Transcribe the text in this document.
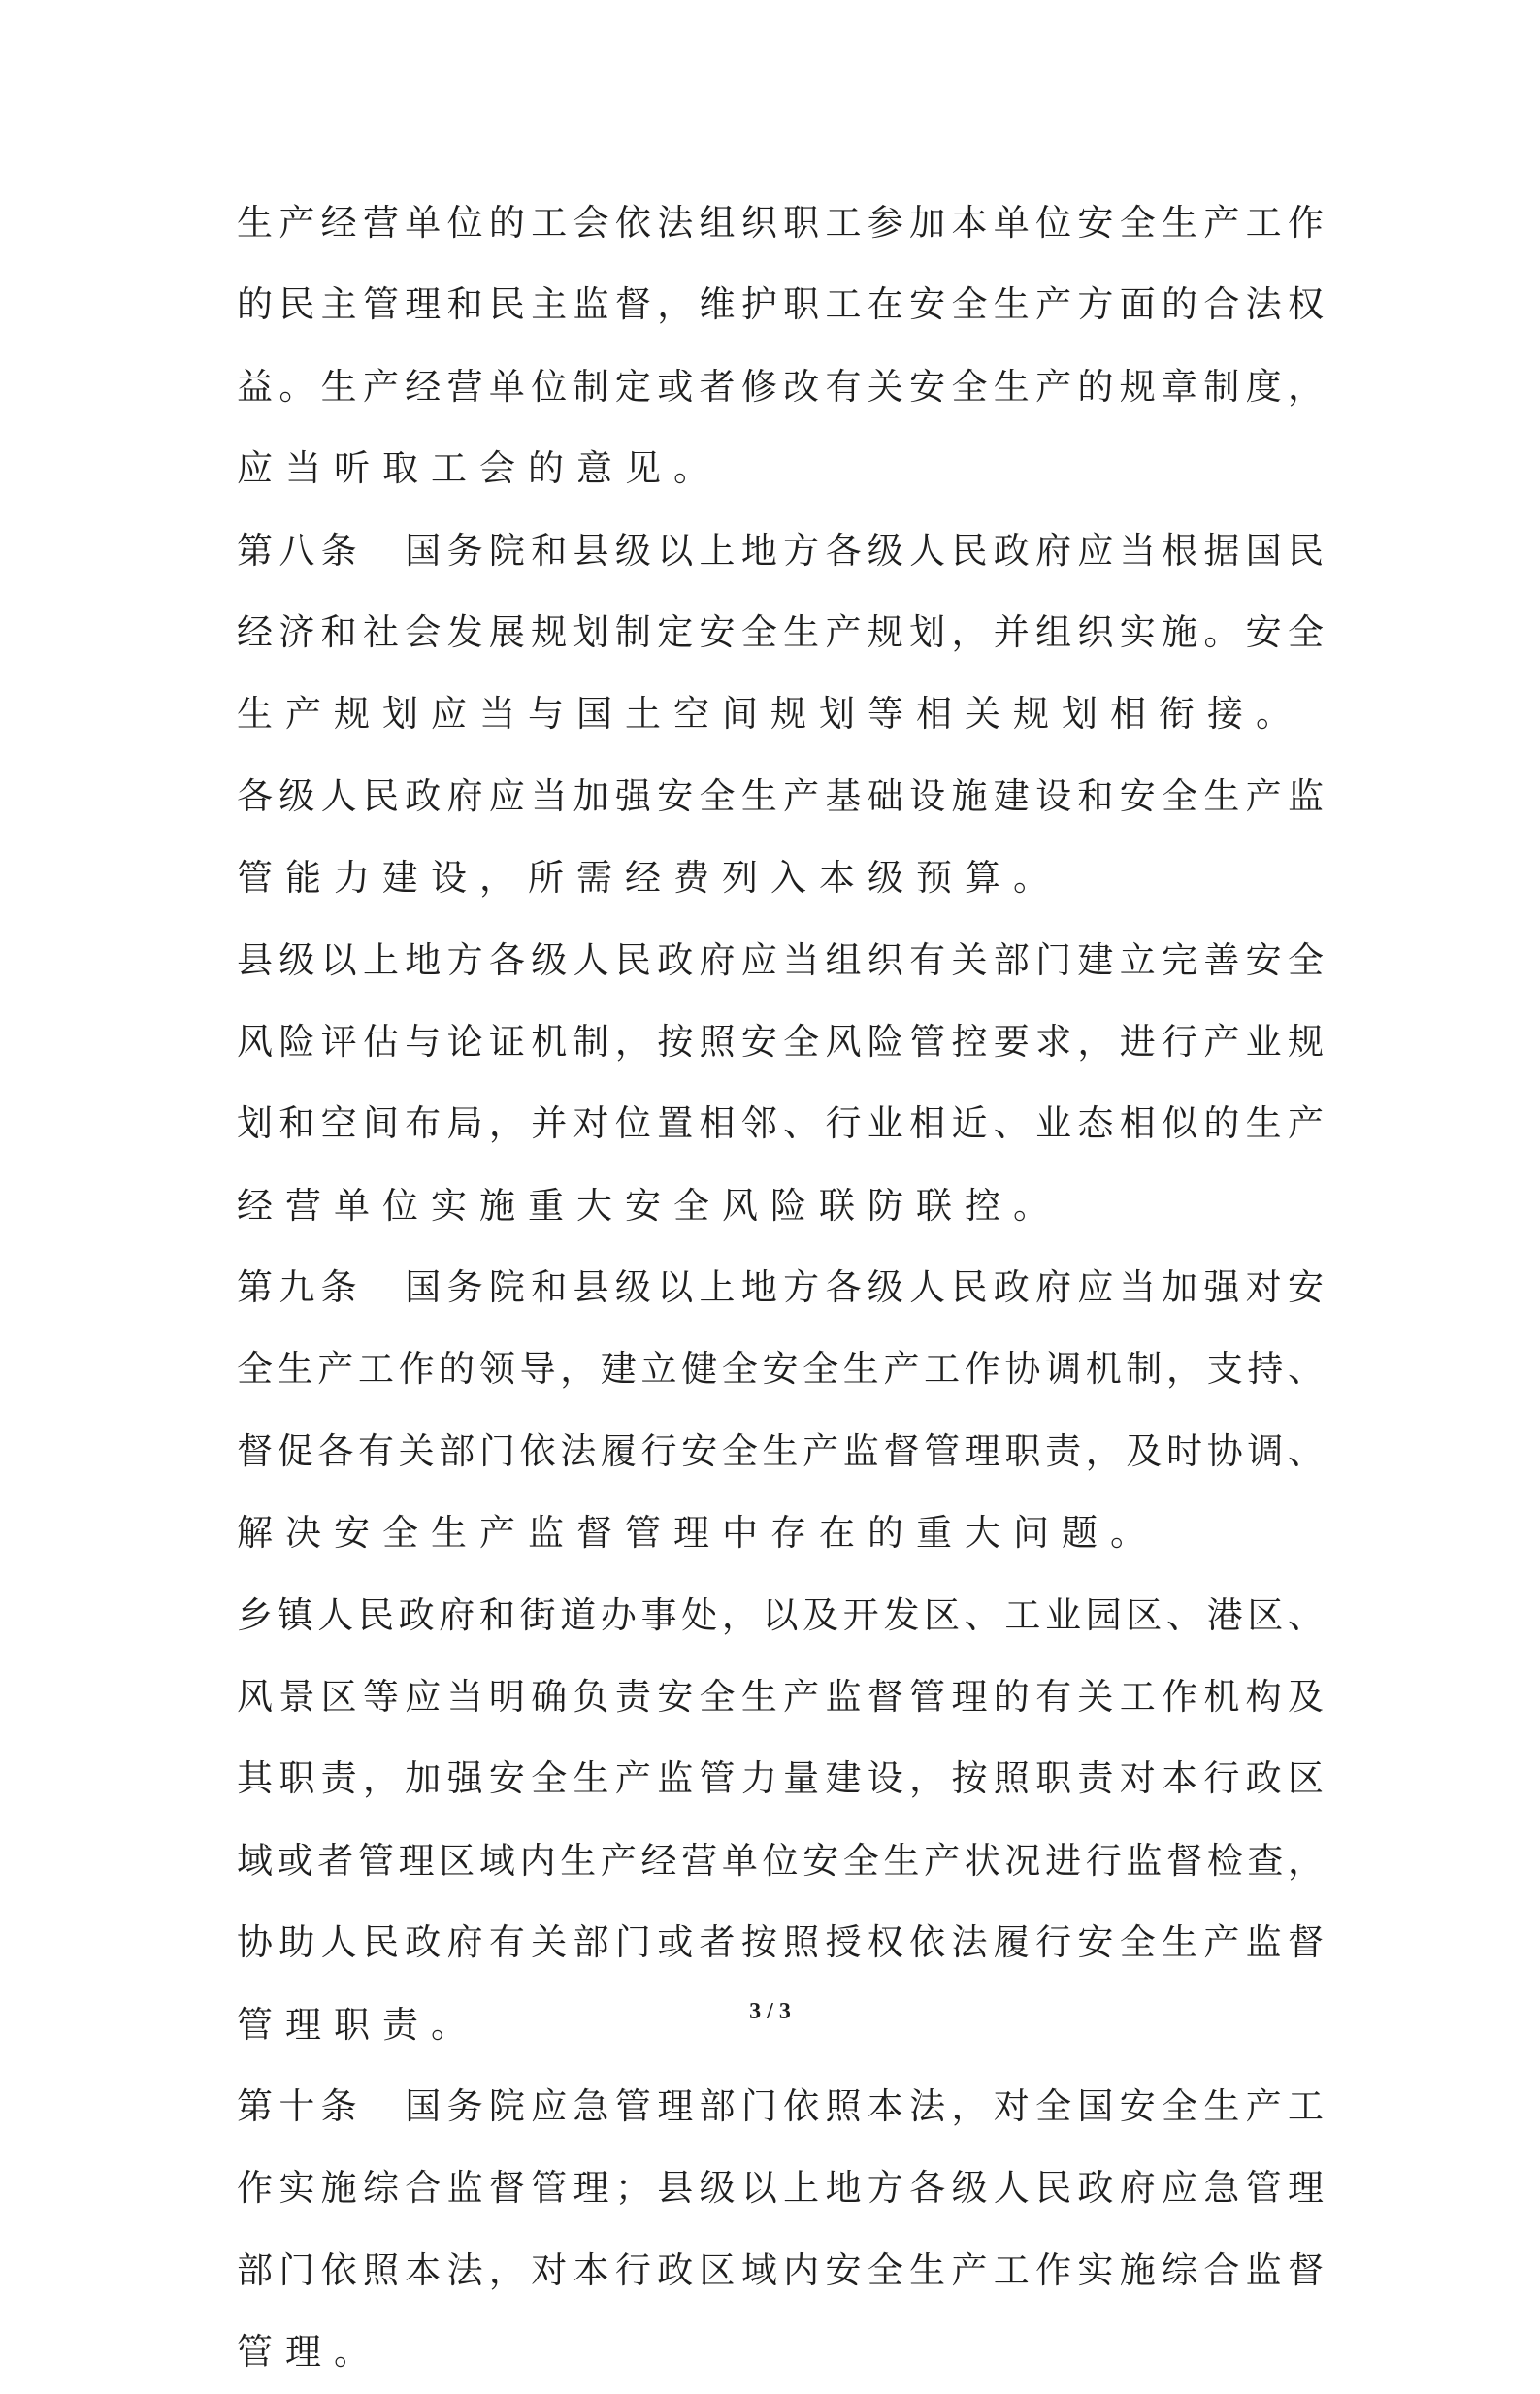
生产经营单位的工会依法组织职工参加本单位安全生产工作
的民主管理和民主监督，维护职工在安全生产方面的合法权
益。生产经营单位制定或者修改有关安全生产的规章制度，
应当听取工会的意见。
第八条　国务院和县级以上地方各级人民政府应当根据国民
经济和社会发展规划制定安全生产规划，并组织实施。安全
生产规划应当与国土空间规划等相关规划相衔接。
各级人民政府应当加强安全生产基础设施建设和安全生产监
管能力建设，所需经费列入本级预算。
县级以上地方各级人民政府应当组织有关部门建立完善安全
风险评估与论证机制，按照安全风险管控要求，进行产业规
划和空间布局，并对位置相邻、行业相近、业态相似的生产
经营单位实施重大安全风险联防联控。
第九条　国务院和县级以上地方各级人民政府应当加强对安
全生产工作的领导，建立健全安全生产工作协调机制，支持、
督促各有关部门依法履行安全生产监督管理职责，及时协调、
解决安全生产监督管理中存在的重大问题。
乡镇人民政府和街道办事处，以及开发区、工业园区、港区、
风景区等应当明确负责安全生产监督管理的有关工作机构及
其职责，加强安全生产监管力量建设，按照职责对本行政区
域或者管理区域内生产经营单位安全生产状况进行监督检查，
协助人民政府有关部门或者按照授权依法履行安全生产监督
管理职责。
第十条　国务院应急管理部门依照本法，对全国安全生产工
作实施综合监督管理；县级以上地方各级人民政府应急管理
部门依照本法，对本行政区域内安全生产工作实施综合监督
管理。
3 / 3
